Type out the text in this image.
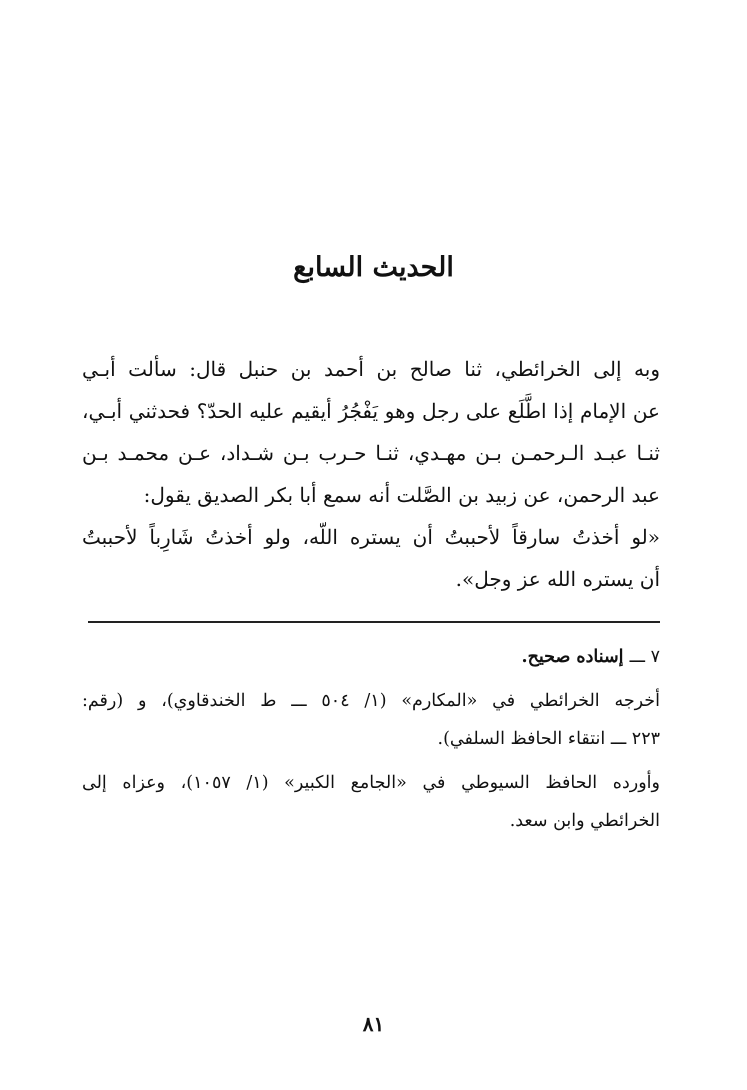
الحديث السابع
وبه إلى الخرائطي، ثنا صالح بن أحمد بن حنبل قال: سألت أبـي
عن الإمام إذا اطَّلَع على رجل وهو يَفْجُرُ أيقيم عليه الحدّ؟ فحدثني أبـي،
ثنـا عبـد الـرحمـن بـن مهـدي، ثنـا حـرب بـن شـداد، عـن محمـد بـن
عبد الرحمن، عن زبيد بن الصَّلت أنه سمع أبا بكر الصديق يقول:
«لو أخذتُ سارقاً لأحببتُ أن يستره اللّه، ولو أخذتُ شَارِباً لأحببتُ
أن يستره الله عز وجل».
٧ ـــ إسناده صحيح.
أخرجه الخرائطي في «المكارم» (١/ ٥٠٤ ـــ ط الخندقاوي)، و (رقم:
٢٢٣ ـــ انتقاء الحافظ السلفي).
وأورده الحافظ السيوطي في «الجامع الكبير» (١/ ١٠٥٧)، وعزاه إلى
الخرائطي وابن سعد.
٨١
